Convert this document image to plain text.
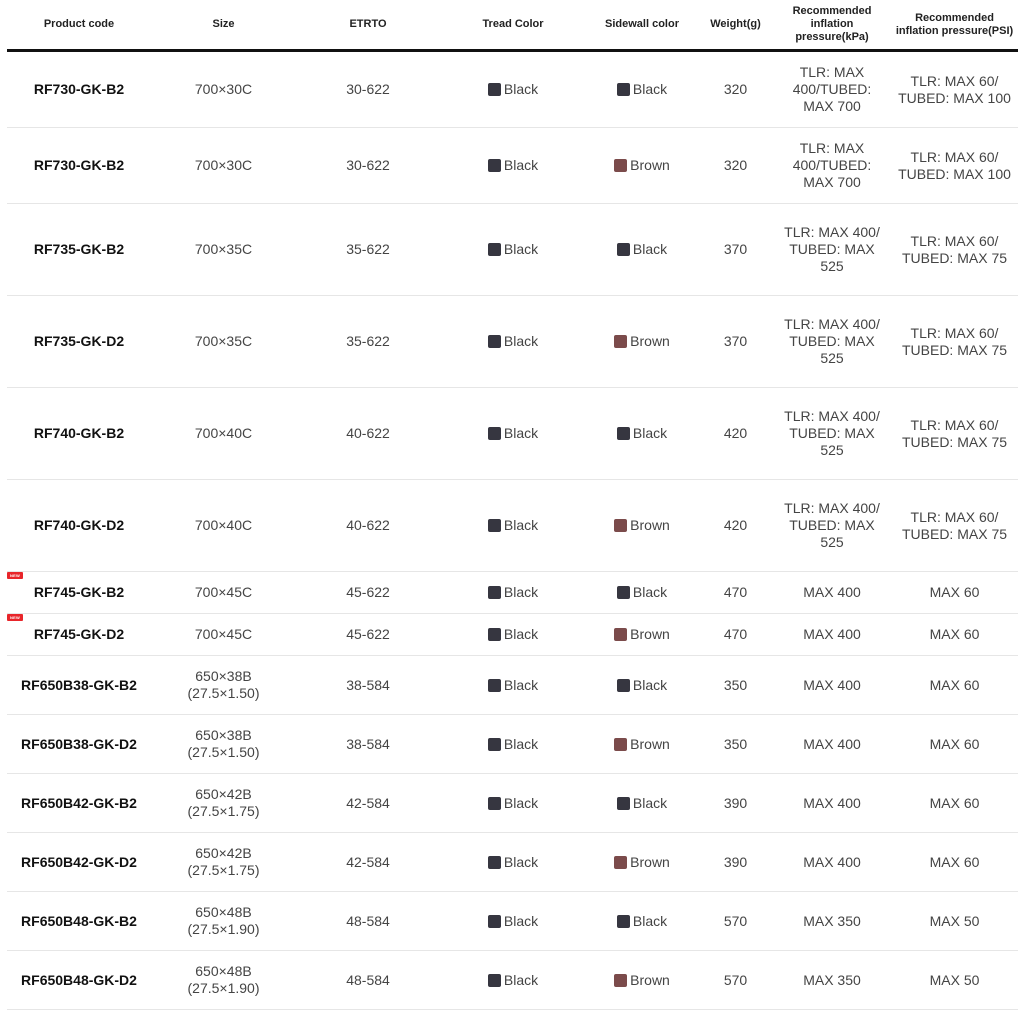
Product code	Size	ETRTO	Tread Color	Sidewall color	Weight(g)	Recommended inflation pressure(kPa)	Recommended inflation pressure(PSI)
RF730-GK-B2	700×30C	30-622	Black	Black	320	TLR: MAX 400/TUBED: MAX 700	TLR: MAX 60/ TUBED: MAX 100
RF730-GK-B2	700×30C	30-622	Black	Brown	320	TLR: MAX 400/TUBED: MAX 700	TLR: MAX 60/ TUBED: MAX 100
RF735-GK-B2	700×35C	35-622	Black	Black	370	TLR: MAX 400/ TUBED: MAX 525	TLR: MAX 60/ TUBED: MAX 75
RF735-GK-D2	700×35C	35-622	Black	Brown	370	TLR: MAX 400/ TUBED: MAX 525	TLR: MAX 60/ TUBED: MAX 75
RF740-GK-B2	700×40C	40-622	Black	Black	420	TLR: MAX 400/ TUBED: MAX 525	TLR: MAX 60/ TUBED: MAX 75
RF740-GK-D2	700×40C	40-622	Black	Brown	420	TLR: MAX 400/ TUBED: MAX 525	TLR: MAX 60/ TUBED: MAX 75

NEW
RF745-GK-B2	700×45C	45-622	Black	Black	470	MAX 400	MAX 60

NEW
RF745-GK-D2	700×45C	45-622	Black	Brown	470	MAX 400	MAX 60
RF650B38-GK-B2	650×38B
(27.5×1.50)	38-584	Black	Black	350	MAX 400	MAX 60
RF650B38-GK-D2	650×38B
(27.5×1.50)	38-584	Black	Brown	350	MAX 400	MAX 60
RF650B42-GK-B2	650×42B
(27.5×1.75)	42-584	Black	Black	390	MAX 400	MAX 60
RF650B42-GK-D2	650×42B
(27.5×1.75)	42-584	Black	Brown	390	MAX 400	MAX 60
RF650B48-GK-B2	650×48B
(27.5×1.90)	48-584	Black	Black	570	MAX 350	MAX 50
RF650B48-GK-D2	650×48B
(27.5×1.90)	48-584	Black	Brown	570	MAX 350	MAX 50
